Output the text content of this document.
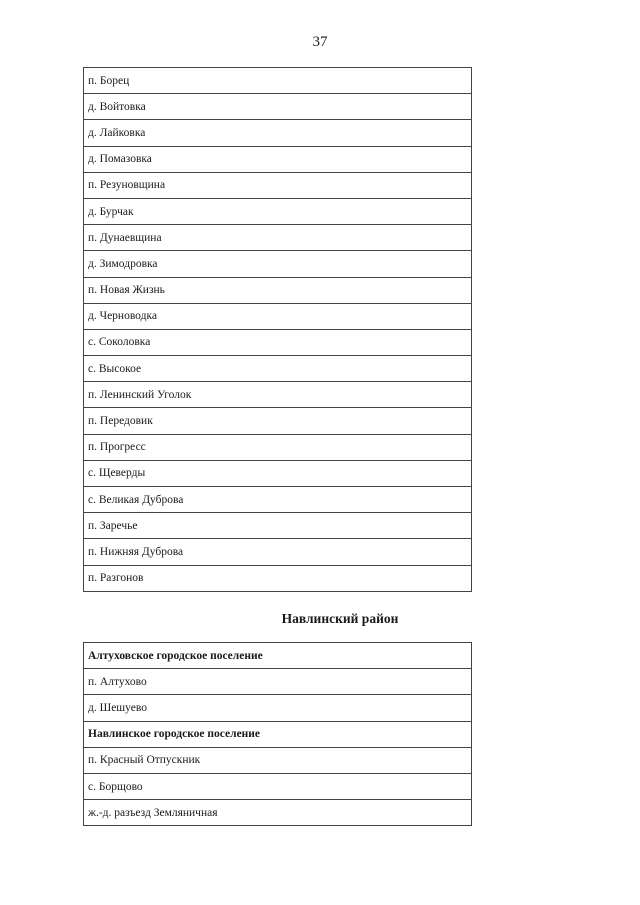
37
п. Борец
д. Войтовка
д. Лайковка
д. Помазовка
п. Резуновщина
д. Бурчак
п. Дунаевщина
д. Зимодровка
п. Новая Жизнь
д. Черноводка
с. Соколовка
с. Высокое
п. Ленинский Уголок
п. Передовик
п. Прогресс
с. Щеверды
с. Великая Дуброва
п. Заречье
п. Нижняя Дуброва
п. Разгонов
Навлинский район
Алтуховское городское поселение
п. Алтухово
д. Шешуево
Навлинское городское поселение
п. Красный Отпускник
с. Борщово
ж.-д. разъезд Земляничная
